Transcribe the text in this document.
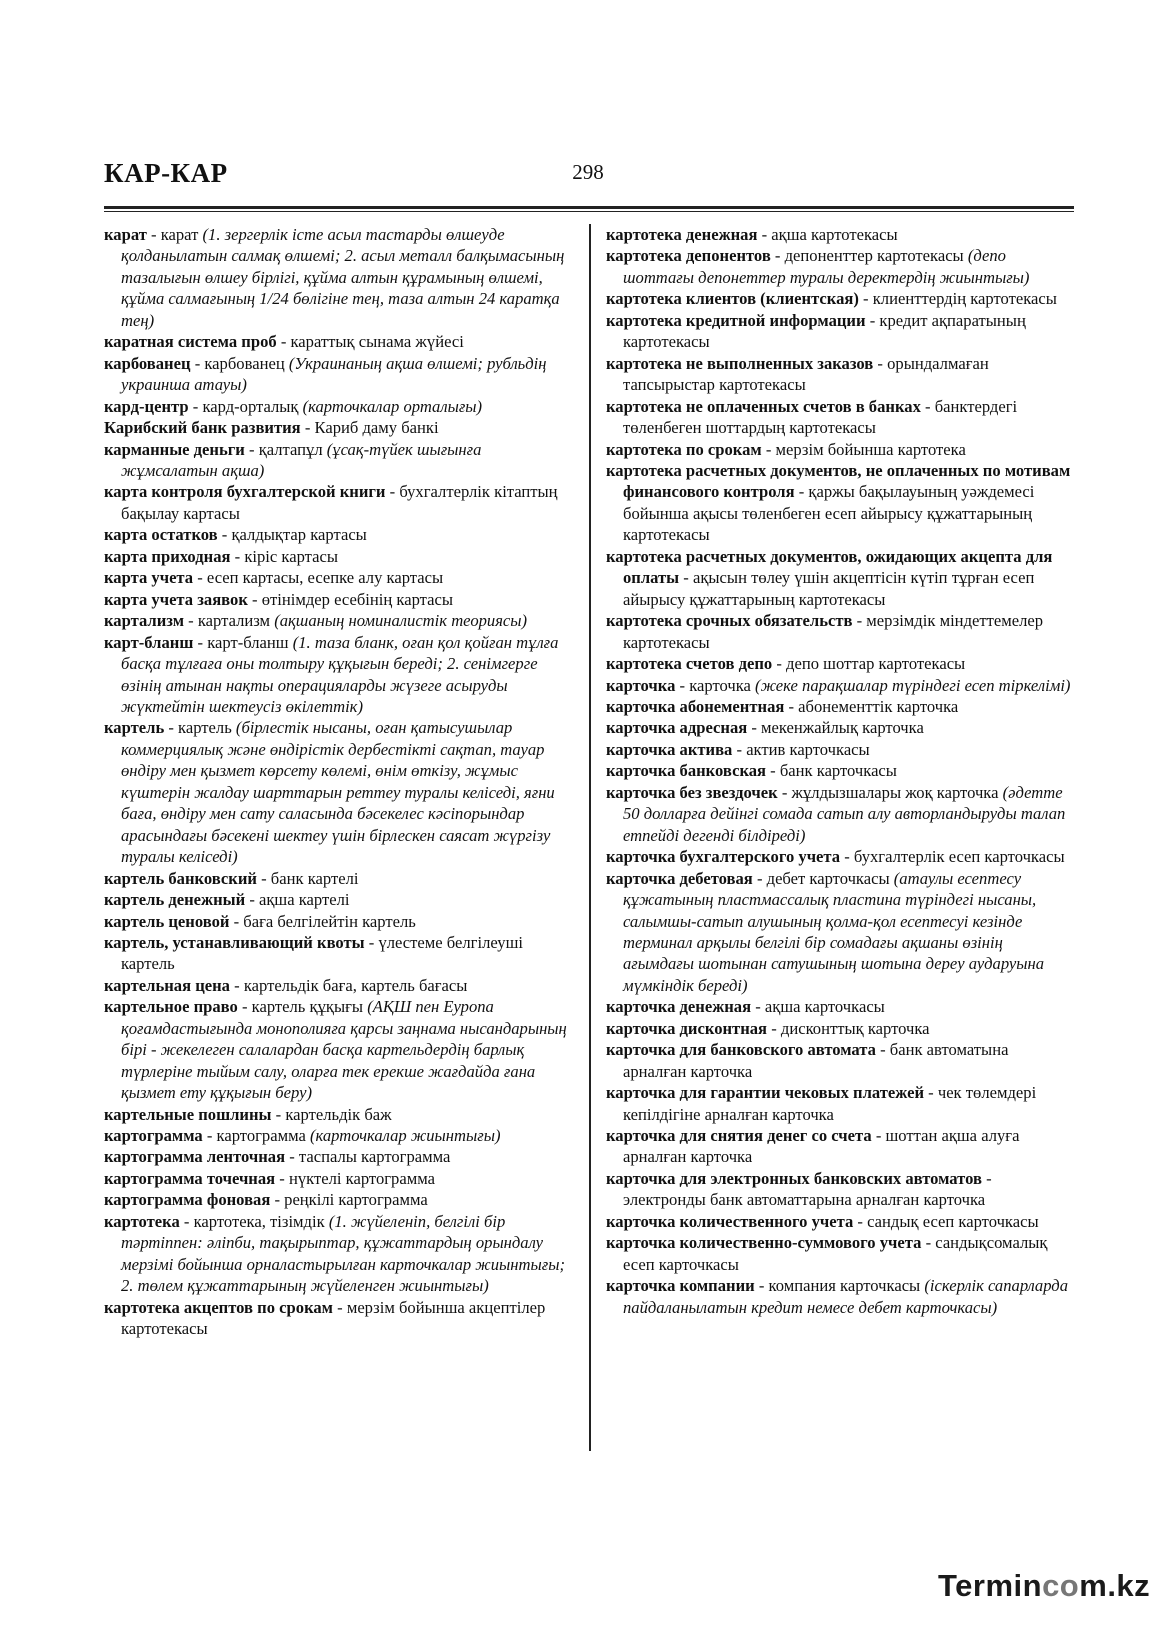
КАР-КАР	298
карат - карат (1. зергерлік істе асыл тастарды өлшеуде қолданылатын салмақ өлшемі; 2. асыл металл балқымасының тазалығын өлшеу бірлігі, құйма алтын құрамының өлшемі, құйма салмағының 1/24 бөлігіне тең, таза алтын 24 каратқа тең)
каратная система проб - караттық сынама жүйесі
карбованец - карбованец (Украинаның ақша өлшемі; рубльдің украинша атауы)
кард-центр - кард-орталық (карточкалар орталығы)
Карибский банк развития - Кариб даму банкі
карманные деньги - қалтапұл (ұсақ-түйек шығынға жұмсалатын ақша)
карта контроля бухгалтерской книги - бухгалтерлік кітаптың бақылау картасы
карта остатков - қалдықтар картасы
карта приходная - кіріс картасы
карта учета - есеп картасы, есепке алу картасы
карта учета заявок - өтінімдер есебінің картасы
картализм - картализм (ақшаның номиналистік теориясы)
карт-бланш - карт-бланш (1. таза бланк, оған қол қойған тұлға басқа тұлғаға оны толтыру құқығын береді; 2. сенімгерге өзінің атынан нақты операцияларды жүзеге асыруды жүктейтін шектеусіз өкілеттік)
картель - картель (бірлестік нысаны, оған қатысушылар коммерциялық және өндірістік дербестікті сақтап, тауар өндіру мен қызмет көрсету көлемі, өнім өткізу, жұмыс күштерін жалдау шарттарын реттеу туралы келіседі, яғни баға, өндіру мен сату саласында бәсекелес кәсіпорындар арасындағы бәсекені шектеу үшін бірлескен саясат жүргізу туралы келіседі)
картель банковский - банк картелі
картель денежный - ақша картелі
картель ценовой - баға белгілейтін картель
картель, устанавливающий квоты - үлестеме белгілеуші картель
картельная цена - картельдік баға, картель бағасы
картельное право - картель құқығы (АҚШ пен Еуропа қоғамдастығында монополияға қарсы заңнама нысандарының бірі - жекелеген салалардан басқа картельдердің барлық түрлеріне тыйым салу, оларға тек ерекше жағдайда ғана қызмет ету құқығын беру)
картельные пошлины - картельдік баж
картограмма - картограмма (карточкалар жиынтығы)
картограмма ленточная - таспалы картограмма
картограмма точечная - нүктелі картограмма
картограмма фоновая - реңкілі картограмма
картотека - картотека, тізімдік (1. жүйеленіп, белгілі бір тәртіппен: әліпби, тақырыптар, құжаттардың орындалу мерзімі бойынша орналастырылған карточкалар жиынтығы; 2. төлем құжаттарының жүйеленген жиынтығы)
картотека акцептов по срокам - мерзім бойынша акцептілер картотекасы
картотека денежная - ақша картотекасы
картотека депонентов - депоненттер картотекасы (депо шоттағы депонеттер туралы деректердің жиынтығы)
картотека клиентов (клиентская) - клиенттердің картотекасы
картотека кредитной информации - кредит ақпаратының картотекасы
картотека не выполненных заказов - орындалмаған тапсырыстар картотекасы
картотека не оплаченных счетов в банках - банктердегі төленбеген шоттардың картотекасы
картотека по срокам - мерзім бойынша картотека
картотека расчетных документов, не оплаченных по мотивам финансового контроля - қаржы бақылауының уәждемесі бойынша ақысы төленбеген есеп айырысу құжаттарының картотекасы
картотека расчетных документов, ожидающих акцепта для оплаты - ақысын төлеу үшін акцептісін күтіп тұрған есеп айырысу құжаттарының картотекасы
картотека срочных обязательств - мерзімдік міндеттемелер картотекасы
картотека счетов депо - депо шоттар картотекасы
карточка - карточка (жеке парақшалар түріндегі есеп тіркелімі)
карточка абонементная - абонементтік карточка
карточка адресная - мекенжайлық карточка
карточка актива - актив карточкасы
карточка банковская - банк карточкасы
карточка без звездочек - жұлдызшалары жоқ карточка (әдетте 50 долларға дейінгі сомада сатып алу авторландыруды талап етпейді дегенді білдіреді)
карточка бухгалтерского учета - бухгалтерлік есеп карточкасы
карточка дебетовая - дебет карточкасы (атаулы есептесу құжатының пластмассалық пластина түріндегі нысаны, салымшы-сатып алушының қолма-қол есептесуі кезінде терминал арқылы белгілі бір сомадағы ақшаны өзінің ағымдағы шотынан сатушының шотына дереу аударуына мүмкіндік береді)
карточка денежная - ақша карточкасы
карточка дисконтная - дисконттық карточка
карточка для банковского автомата - банк автоматына арналған карточка
карточка для гарантии чековых платежей - чек төлемдері кепілдігіне арналған карточка
карточка для снятия денег со счета - шоттан ақша алуға арналған карточка
карточка для электронных банковских автоматов - электронды банк автоматтарына арналған карточка
карточка количественного учета - сандық есеп карточкасы
карточка количественно-суммового учета - сандықсомалық есеп карточкасы
карточка компании - компания карточкасы (іскерлік сапарларда пайдаланылатын кредит немесе дебет карточкасы)
Termincom.kz
